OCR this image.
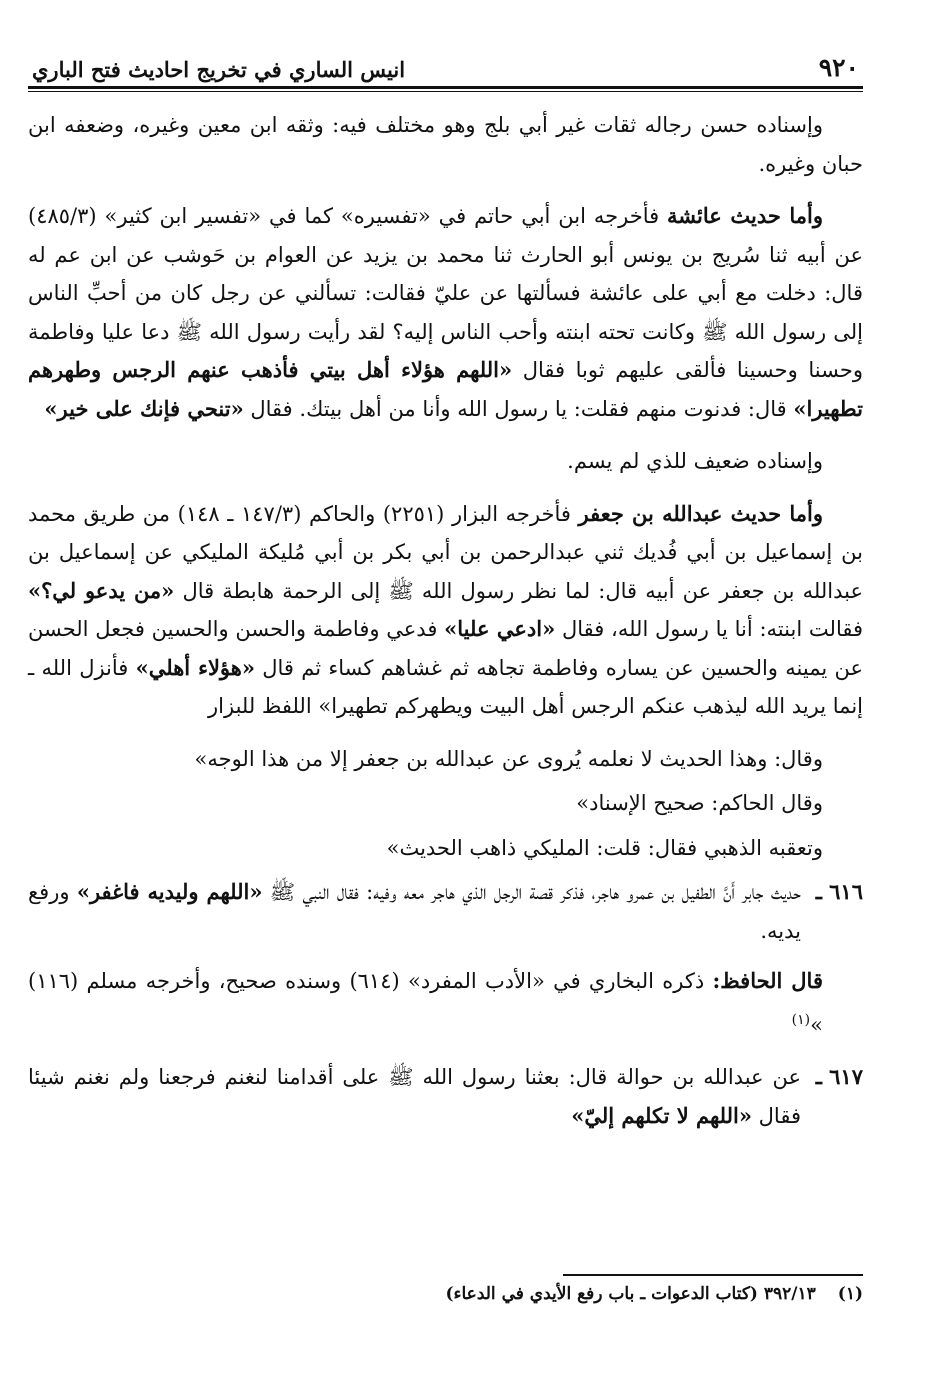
٩٢٠
انيس الساري في تخريج احاديث فتح الباري

وإسناده حسن رجاله ثقات غير أبي بلج وهو مختلف فيه: وثقه ابن معين وغيره، وضعفه ابن حبان وغيره.

وأما حديث عائشة فأخرجه ابن أبي حاتم في «تفسيره» كما في «تفسير ابن كثير» (٤٨٥/٣) عن أبيه ثنا سُريج بن يونس أبو الحارث ثنا محمد بن يزيد عن العوام بن حَوشب عن ابن عم له قال: دخلت مع أبي على عائشة فسألتها عن عليّ فقالت: تسألني عن رجل كان من أحبِّ الناس إلى رسول الله ﷺ وكانت تحته ابنته وأحب الناس إليه؟ لقد رأيت رسول الله ﷺ دعا عليا وفاطمة وحسنا وحسينا فألقى عليهم ثوبا فقال «اللهم هؤلاء أهل بيتي فأذهب عنهم الرجس وطهرهم تطهيرا» قال: فدنوت منهم فقلت: يا رسول الله وأنا من أهل بيتك. فقال «تنحي فإنك على خير»

وإسناده ضعيف للذي لم يسم.

وأما حديث عبدالله بن جعفر فأخرجه البزار (٢٢٥١) والحاكم (١٤٧/٣ ـ ١٤٨) من طريق محمد بن إسماعيل بن أبي فُديك ثني عبدالرحمن بن أبي بكر بن أبي مُليكة المليكي عن إسماعيل بن عبدالله بن جعفر عن أبيه قال: لما نظر رسول الله ﷺ إلى الرحمة هابطة قال «من يدعو لي؟» فقالت ابنته: أنا يا رسول الله، فقال «ادعي عليا» فدعي وفاطمة والحسن والحسين فجعل الحسن عن يمينه والحسين عن يساره وفاطمة تجاهه ثم غشاهم كساء ثم قال «هؤلاء أهلي» فأنزل الله ـ إنما يريد الله ليذهب عنكم الرجس أهل البيت ويطهركم تطهيرا» اللفظ للبزار

وقال: وهذا الحديث لا نعلمه يُروى عن عبدالله بن جعفر إلا من هذا الوجه»

وقال الحاكم: صحيح الإسناد»

وتعقبه الذهبي فقال: قلت: المليكي ذاهب الحديث»

٦١٦ ـ
حديث جابر أَنَّ الطفيل بن عمرو هاجر، فذكر قصة الرجل الذي هاجر معه وفيه: فقال النبي ﷺ «اللهم وليديه فاغفر» ورفع يديه.

قال الحافظ: ذكره البخاري في «الأدب المفرد» (٦١٤) وسنده صحيح، وأخرجه مسلم (١١٦) »$^{(١)}$

٦١٧ ـ
عن عبدالله بن حوالة قال: بعثنا رسول الله ﷺ على أقدامنا لنغنم فرجعنا ولم نغنم شيئا فقال «اللهم لا تكلهم إليّ»

(١)٣٩٢/١٣ (كتاب الدعوات ـ باب رفع الأيدي في الدعاء)
